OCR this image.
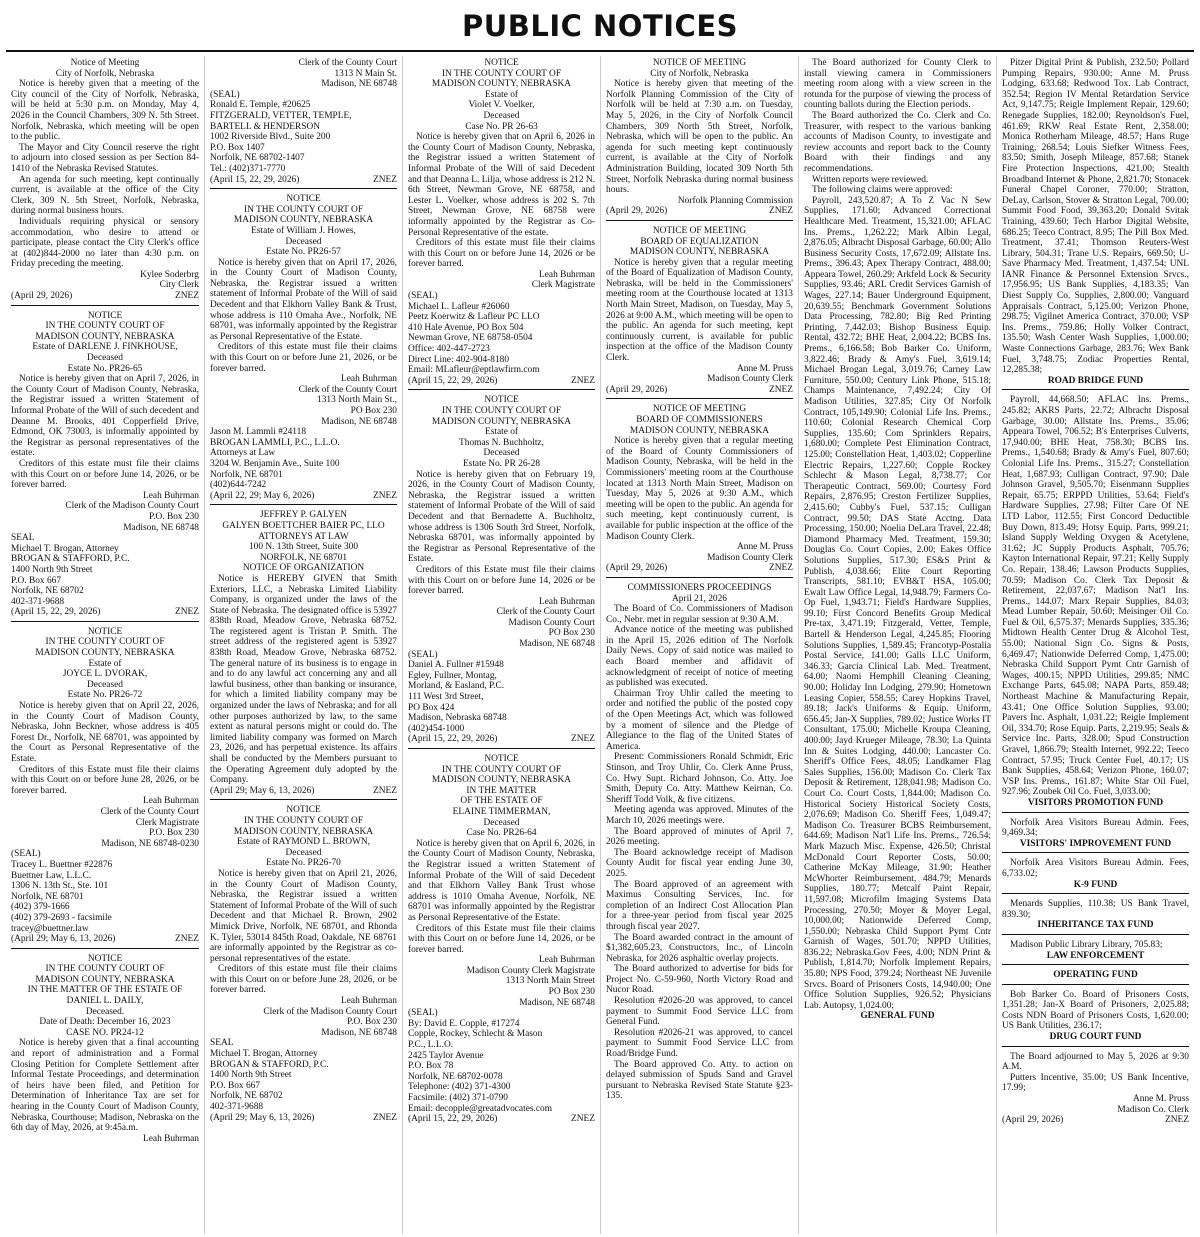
PUBLIC NOTICES

Notice of Meeting

City of Norfolk, Nebraska

Notice is hereby given that a meeting of the City council of the City of Norfolk, Nebraska, will be held at 5:30 p.m. on Monday, May 4, 2026 in the Council Chambers, 309 N. 5th Street. Norfolk, Nebraska, which meeting will be open to the public.

The Mayor and City Council reserve the right to adjourn into closed session as per Section 84-1410 of the Nebraska Revised Statutes.

An agenda for such meeting, kept continually current, is available at the office of the City Clerk, 309 N. 5th Street, Norfolk, Nebraska, during normal business hours.

Individuals requiring physical or sensory accommodation, who desire to attend or participate, please contact the City Clerk's office at (402)844-2000 no later than 4:30 p.m. on Friday preceding the meeting.

Kylee Soderbrg

City Clerk

(April 29, 2026)	ZNEZ

NOTICE

IN THE COUNTY COURT OF

MADISON COUNTY, NEBRASKA

Estate of DARLENE J. FINKHOUSE,

Deceased

Estate No. PR26-65

Notice is hereby given that on April 7, 2026, in the County Court of Madison County, Nebraska, the Registrar issued a written Statement of Informal Probate of the Will of such decedent and Deanne M. Brooks, 401 Copperfield Drive, Edmond, OK 73003, is informally appointed by the Registrar as personal representatives of the estate.

Creditors of this estate must file their claims with this Court on or before June 14, 2026, or be forever barred.

Leah Buhrman

Clerk of the Madison County Court

P.O. Box 230

Madison, NE 68748

SEAL

Michael T. Brogan, Attorney

BROGAN & STAFFORD, P.C.

1400 North 9th Street

P.O. Box 667

Norfolk, NE 68702

402-371-9688

(April 15, 22, 29, 2026)	ZNEZ

NOTICE

IN THE COUNTY COURT OF

MADISON COUNTY, NEBRASKA

Estate of

JOYCE L. DVORAK,

Deceased

Estate No. PR26-72

Notice is hereby given that on April 22, 2026, in the County Court of Madison County, Nebraska, John Beckner, whose address is 405 Forest Dr., Norfolk, NE 68701, was appointed by the Court as Personal Representative of the Estate.

Creditors of this Estate must file their claims with this Court on or before June 28, 2026, or be forever barred.

Leah Buhrman

Clerk of the County Court

Clerk Magistrate

P.O. Box 230

Madison, NE 68748-0230

(SEAL)

Tracey L. Buettner #22876

Buettner Law, L.L.C.

1306 N. 13th St., Ste. 101

Norfolk, NE 68701

(402) 379-1666

(402) 379-2693 - facsimile

tracey@buettner.law

(April 29; May 6, 13, 2026)	ZNEZ

NOTICE

IN THE COUNTY COURT OF

MADISON COUNTY, NEBRASKA

IN THE MATTER OF THE ESTATE OF

DANIEL L. DAILY,

Deceased.

Date of Death: December 16, 2023

CASE NO. PR24-12

Notice is hereby given that a final accounting and report of administration and a Formal Closing Petition for Complete Settlement after Informal Testate Proceedings, and determination of heirs have been filed, and Petition for Determination of Inheritance Tax are set for hearing in the County Court of Madison County, Nebraska, Courthouse; Madison, Nebraska on the 6th day of May, 2026, at 9:45a.m.

Leah Buhrman

Clerk of the County Court

1313 N Main St.

Madison, NE 68748

(SEAL)

Ronald E. Temple, #20625

FITZGERALD, VETTER, TEMPLE,

BARTELL & HENDERSON

1002 Riverside Blvd., Suite 200

P.O. Box 1407

Norfolk, NE 68702-1407

Tel.: (402)371-7770

(April 15, 22, 29, 2026)	ZNEZ

NOTICE

IN THE COUNTY COURT OF

MADISON COUNTY, NEBRASKA

Estate of William J. Howes,

Deceased

Estate No. PR26-57

Notice is hereby given that on April 17, 2026, in the County Court of Madison County, Nebraska, the Registrar issued a written statement of Informal Probate of the Will of said Decedent and that Elkhorn Valley Bank & Trust, whose address is 110 Omaha Ave., Norfolk, NE 68701, was informally appointed by the Registrar as Personal Representative of the Estate.

Creditors of this estate must file their claims with this Court on or before June 21, 2026, or be forever barred.

Leah Buhrman

Clerk of the County Court

1313 North Main St.,

PO Box 230

Madison, NE 68748

Jason M. Lammli #24118

BROGAN LAMMLI, P.C., L.L.O.

Attorneys at Law

3204 W. Benjamin Ave., Suite 100

Norfolk, NE 68701

(402)644-7242

(April 22, 29; May 6, 2026)	ZNEZ

JEFFREY P. GALYEN

GALYEN BOETTCHER BAIER PC, LLO

ATTORNEYS AT LAW

100 N. 13th Street, Suite 300

NORFOLK, NE 68701

NOTICE OF ORGANIZATION

Notice is HEREBY GIVEN that Smith Exteriors, LLC, a Nebraska Limited Liability Company, is organized under the laws of the State of Nebraska. The designated office is 53927 838th Road, Meadow Grove, Nebraska 68752. The registered agent is Tristan P. Smith. The street address of the registered agent is 53927 838th Road, Meadow Grove, Nebraska 68752. The general nature of its business is to engage in and to do any lawful act concerning any and all lawful business, other than banking or insurance, for which a limited liability company may be organized under the laws of Nebraska; and for all other purposes authorized by law, to the same extent as natural persons might or could do. The limited liability company was formed on March 23, 2026, and has perpetual existence. Its affairs shall be conducted by the Members pursuant to the Operating Agreement duly adopted by the Company.

(April 29; May 6, 13, 2026)	ZNEZ

NOTICE

IN THE COUNTY COURT OF

MADISON COUNTY, NEBRASKA

Estate of RAYMOND L. BROWN,

Deceased

Estate No. PR26-70

Notice is hereby given that on April 21, 2026, in the County Court of Madison County, Nebraska, the Registrar issued a written Statement of Informal Probate of the Will of such Decedent and that Michael R. Brown, 2902 Mimick Drive, Norfolk, NE 68701, and Rhonda K. Tyler, 53014 845th Road, Oakdale, NE 68761 are informally appointed by the Registrar as co-personal representatives of the estate.

Creditors of this estate must file their claims with this Court on or before June 28, 2026, or be forever barred.

Leah Buhrman

Clerk of the Madison County Court

P.O. Box 230

Madison, NE 68748

SEAL

Michael T. Brogan, Attorney

BROGAN & STAFFORD, P.C.

1400 North 9th Street

P.O. Box 667

Norfolk, NE 68702

402-371-9688

(April 29; May 6, 13, 2026)	ZNEZ

NOTICE

IN THE COUNTY COURT OF

MADISON COUNTY, NEBRASKA

Estate of

Violet V. Voelker,

Deceased

Case No. PR 26-63

Notice is hereby given that on April 6, 2026 in the County Court of Madison County, Nebraska, the Registrar issued a written Statement of Informal Probate of the Will of said Decedent and that Deanna L. Lilja, whose address is 212 N. 6th Street, Newman Grove, NE 68758, and Lester L. Voelker, whose address is 202 S. 7th Street, Newman Grove, NE 68758 were informally appointed by the Registrar as Co-Personal Representative of the estate.

Creditors of this estate must file their claims with this Court on or before June 14, 2026 or be forever barred.

Leah Buhrman

Clerk Magistrate

(SEAL)

Michael L. Lafleur #26060

Peetz Koerwitz & Lafleur PC LLO

410 Hale Avenue, PO Box 504

Newman Grove, NE 68758-0504

Office: 402-447-2723

Direct Line: 402-904-8180

Email: MLafleur@eptlawfirm.com

(April 15, 22, 29, 2026)	ZNEZ

NOTICE

IN THE COUNTY COURT OF

MADISON COUNTY, NEBRASKA

Estate of

Thomas N. Buchholtz,

Deceased

Estate No. PR 26-28

Notice is hereby given that on February 19, 2026, in the County Court of Madison County, Nebraska, the Registrar issued a written statement of Informal Probate of the Will of said Decedent and that Bernadette A. Buchholtz, whose address is 1306 South 3rd Street, Norfolk, Nebraska 68701, was informally appointed by the Registrar as Personal Representative of the Estate.

Creditors of this Estate must file their claims with this Court on or before June 14, 2026 or be forever barred.

Leah Buhrman

Clerk of the County Court

Madison County Court

PO Box 230

Madison, NE 68748

(SEAL)

Daniel A. Fullner #15948

Egley, Fullner, Montag,

Morland, & Easland, P.C.

111 West 3rd Street,

PO Box 424

Madison, Nebraska 68748

(402)454-1000

(April 15, 22, 29, 2026)	ZNEZ

NOTICE

IN THE COUNTY COURT OF

MADISON COUNTY, NEBRASKA

IN THE MATTER

OF THE ESTATE OF

ELAINE TIMMERMAN,

Deceased

Case No. PR26-64

Notice is hereby given that on April 6, 2026, in the County Court of Madison County, Nebraska, the Registrar issued a written Statement of Informal Probate of the Will of said Decedent and that Elkhorn Valley Bank Trust whose address is 1010 Omaha Avenue, Norfolk, NE 68701 was informally appointed by the Registrar as Personal Representative of the Estate.

Creditors of this Estate must file their claims with this Court on or before June 14, 2026, or be forever barred.

Leah Buhrman

Madison County Clerk Magistrate

1313 North Main Street

PO Box 230

Madison, NE 68748

(SEAL)

By: David E. Copple, #17274

Copple, Rockey, Schlecht & Mason

P.C., L.L.O.

2425 Taylor Avenue

P.O. Box 78

Norfolk, NE 68702-0078

Telephone: (402) 371-4300

Facsimile: (402) 371-0790

Email: decopple@greatadvocates.com

(April 15, 22, 29, 2026)	ZNEZ

NOTICE OF MEETING

City of Norfolk, Nebraska

Notice is hereby given that meeting of the Norfolk Planning Commission of the City of Norfolk will be held at 7:30 a.m. on Tuesday, May 5, 2026, in the City of Norfolk Council Chambers, 309 North 5th Street, Norfolk, Nebraska, which will be open to the public. An agenda for such meeting kept continuously current, is available at the City of Norfolk Administration Building, located 309 North 5th Street, Norfolk Nebraska during normal business hours.

Norfolk Planning Commission

(April 29, 2026)	ZNEZ

NOTICE OF MEETING

BOARD OF EQUALIZATION

MADISON COUNTY, NEBRASKA

Notice is hereby given that a regular meeting of the Board of Equalization of Madison County, Nebraska, will be held in the Commissioners' meeting room at the Courthouse located at 1313 North Main Street, Madison, on Tuesday, May 5, 2026 at 9:00 A.M., which meeting will be open to the public. An agenda for such meeting, kept continuously current, is available for public inspection at the office of the Madison County Clerk.

Anne M. Pruss

Madison County Clerk

(April 29, 2026)	ZNEZ

NOTICE OF MEETING

BOARD OF COMMISSIONERS

MADISON COUNTY, NEBRASKA

Notice is hereby given that a regular meeting of the Board of County Commissioners of Madison County, Nebraska, will be held in the Commissioners' meeting room at the Courthouse located at 1313 North Main Street, Madison on Tuesday, May 5, 2026 at 9:30 A.M., which meeting will be open to the public. An agenda for such meeting, kept continuously current, is available for public inspection at the office of the Madison County Clerk.

Anne M. Pruss

Madison County Clerk

(April 29, 2026)	ZNEZ

COMMISSIONERS PROCEEDINGS

April 21, 2026

The Board of Co. Commissioners of Madison Co., Nebr. met in regular session at 9:30 A.M.

Advance notice of the meeting was published in the April 15, 2026 edition of The Norfolk Daily News. Copy of said notice was mailed to each Board member and affidavit of acknowledgment of receipt of notice of meeting as published was executed.

Chairman Troy Uhlir called the meeting to order and notified the public of the posted copy of the Open Meetings Act, which was followed by a moment of silence and the Pledge of Allegiance to the flag of the United States of America.

Present: Commissioners Ronald Schmidt, Eric Stinson, and Troy Uhlir, Co. Clerk Anne Pruss, Co. Hwy Supt. Richard Johnson, Co. Atty. Joe Smith, Deputy Co. Atty. Matthew Keirnan, Co. Sheriff Todd Volk, & five citizens.

Meeting agenda was approved. Minutes of the March 10, 2026 meetings were.

The Board approved of minutes of April 7, 2026 meeting.

The Board acknowledge receipt of Madison County Audit for fiscal year ending June 30, 2025.

The Board approved of an agreement with Maximus Consulting Services, Inc. for completion of an Indirect Cost Allocation Plan for a three-year period from fiscal year 2025 through fiscal year 2027.

The Board awarded contract in the amount of $1,382,605.23, Constructors, Inc., of Lincoln Nebraska, for 2026 asphaltic overlay projects.

The Board authorized to advertise for bids for Project No. C-59-960, North Victory Road and Nucor Road.

Resolution #2026-20 was approved, to cancel payment to Summit Food Service LLC from General Fund.

Resolution #2026-21 was approved, to cancel payment to Summit Food Service LLC from Road/Bridge Fund.

The Board approved Co. Atty. to action on delayed submission of Spuds Sand and Gravel pursuant to Nebraska Revised State Statute §23-135.

The Board authorized for County Clerk to install viewing camera in Commissioners meeting room along with a view screen in the rotunda for the purpose of viewing the process of counting ballots during the Election periods.

The Board authorized the Co. Clerk and Co. Treasurer, with respect to the various banking accounts of Madison County, to investigate and review accounts and report back to the County Board with their findings and any recommendations.

Written reports were reviewed.

The following claims were approved:

Payroll, 243,520.87; A To Z Vac N Sew Supplies, 171.60; Advanced Correctional Healthcare Med. Treatment, 15,321.00; AFLAC Ins. Prems., 1,262.22; Mark Albin Legal, 2,876.05; Albracht Disposal Garbage, 60.00; Allo Business Security Costs, 17,672.09; Allstate Ins. Prems., 396.43; Apex Therapy Contract, 488.00; Appeara Towel, 260.29; Arkfeld Lock & Security Supplies, 93.46; ARL Credit Services Garnish of Wages, 227.14; Bauer Underground Equipment, 20,639.55; Benchmark Government Solutions Data Processing, 782.80; Big Red Printing Printing, 7,442.03; Bishop Business Equip. Rental, 432.72; BHE Heat, 2,004.22; BCBS Ins. Prems., 6,166.58; Bob Barker Co. Uniform, 3,822.46; Brady & Amy's Fuel, 3,619.14; Michael Brogan Legal, 3,019.76; Carney Law Furniture, 550.00; Century Link Phone, 515.18; Champs Maintenance, 7,492.24; City Of Madison Utilities, 327.85; City Of Norfolk Contract, 105,149.90; Colonial Life Ins. Prems., 110.60; Colonial Research Chemical Corp Supplies, 135.60; Com Sprinklers Repairs, 1,680.00; Complete Pest Elimination Contract, 125.00; Constellation Heat, 1,403.02; Copperline Electric Repairs, 1,227.60; Copple Rockey Schlecht & Mason Legal, 8,738.77; Cor Therapeutic Contract, 569.00; Courtesy Ford Repairs, 2,876.95; Creston Fertilizer Supplies, 2,415.60; Cubby's Fuel, 537.15; Culligan Contract, 99.50; DAS State Acctng. Data Processing, 150.00; Noelia DeLara Travel, 22.48; Diamond Pharmacy Med. Treatment, 159.30; Douglas Co. Court Copies, 2.00; Eakes Office Solutions Supplies, 517.30; ES&S Print & Publish, 4,038.66; Elite Court Reporting Transcripts, 581.10; EVB&T HSA, 105.00; Ewalt Law Office Legal, 14,948.79; Farmers Co-Op Fuel, 1,943.71; Field's Hardware Supplies, 99.10; First Concord Benefits Group Medical Pre-tax, 3,471.19; Fitzgerald, Vetter, Temple, Bartell & Henderson Legal, 4,245.85; Flooring Solutions Supplies, 1,589.45; Francotyp-Postalia Postal Service, 141.00; Galls LLC Uniform, 346.33; Garcia Clinical Lab. Med. Treatment, 64.00; Naomi Hemphill Cleaning Cleaning, 90.00; Holiday Inn Lodging, 279.90; Hometown Leasing Copier, 558.55; Carey Hopkins Travel, 89.18; Jack's Uniforms & Equip. Uniform, 656.45; Jan-X Supplies, 789.02; Justice Works IT Consultant, 175.00; Michelle Kroupa Cleaning, 400.00; Jayd Krueger Mileage, 78.30; La Quinta Inn & Suites Lodging, 440.00; Lancaster Co. Sheriff's Office Fees, 48.05; Landkamer Flag Sales Supplies, 156.00; Madison Co. Clerk Tax Deposit & Retirement, 128,041.98; Madison Co. Court Co. Court Costs, 1,844.00; Madison Co. Historical Society Historical Society Costs, 2,076.69; Madison Co. Sheriff Fees, 1,049.47; Madison Co. Treasurer BCBS Reimbursement, 644.69; Madison Nat'l Life Ins. Prems., 726.54; Mark Mazuch Misc. Expense, 426.50; Christal McDonald Court Reporter Costs, 50.00; Catherine McKay Mileage, 31.90; Heather McWhorter Reimbursement, 484.79; Menards Supplies, 180.77; Metcalf Paint Repair, 11,597.08; Microfilm Imaging Systems Data Processing, 270.50; Moyer & Moyer Legal, 10,000.00; Nationwide Deferred Comp, 1,550.00; Nebraska Child Support Pymt Cntr Garnish of Wages, 501.70; NPPD Utilities, 836.22; Nebraska.Gov Fees, 4.00; NDN Print & Publish, 1,814.70; Norfolk Implement Repairs, 35.80; NPS Food, 379.24; Northeast NE Juvenile Srvcs. Board of Prisoners Costs, 14,940.00; One Office Solution Supplies, 926.52; Physicians Lab. Autopsy, 1,024.00;

GENERAL FUND

Pitzer Digital Print & Publish, 232.50; Pollard Pumping Repairs, 930.00; Anne M. Pruss Lodging, 633.68; Redwood Tox. Lab Contract, 352.54; Region IV Mental Retardation Service Act, 9,147.75; Reigle Implement Repair, 129.60; Renegade Supplies, 182.00; Reynoldson's Fuel, 461.69; RKW Real Estate Rent, 2,358.00; Monica Rotherham Mileage, 48.57; Hans Ruge Training, 268.54; Louis Siefker Witness Fees, 83.50; Smith, Joseph Mileage, 857.68; Stanek Fire Protection Inspections, 421.00; Stealth Broadband Internet & Phone, 2,821.70; Stonacek Funeral Chapel Coroner, 770.00; Stratton, DeLay, Carlson, Stover & Stratton Legal, 700.00; Summit Food Food, 39,363.20; Donald Svitak Training, 439.60; Tech Harbor Digital Website, 686.25; Teeco Contract, 8.95; The Pill Box Med. Treatment, 37.41; Thomson Reuters-West Library, 504.31; Trane U.S. Repairs, 669.50; U-Save Pharmacy Med. Treatment, 1,437.54; UNL IANR Finance & Personnel Extension Srvcs., 17,956.95; US Bank Supplies, 4,183.35; Van Diest Supply Co. Supplies, 2,800.00; Vanguard Appraisals Contract, 5,125.00; Verizon Phone, 298.75; Vigilnet America Contract, 370.00; VSP Ins. Prems., 759.86; Holly Volker Contract, 135.50; Wash Center Wash Supplies, 1,000.00; Waste Connections Garbage, 283.76; Wex Bank Fuel, 3,748.75; Zodiac Properties Rental, 12,285.38;

ROAD BRIDGE FUND

Payroll, 44,668.50; AFLAC Ins. Prems., 245.82; AKRS Parts, 22.72; Albracht Disposal Garbage, 30.00; Allstate Ins. Prems., 35.06; Appeara Towel, 706.52; B's Enterprises Culverts, 17,940.00; BHE Heat, 758.30; BCBS Ins. Prems., 1,540.68; Brady & Amy's Fuel, 807.60; Colonial Life Ins. Prems., 315.27; Constellation Heat, 1,687.93; Culligan Contract, 97.90; Dale Johnson Gravel, 9,505.70; Eisenmann Supplies Repair, 65.75; ERPPD Utilities, 53.64; Field's Hardware Supplies, 27.98; Filter Care Of NE LTD Labor, 112.55; First Concord Deductible Buy Down, 813.49; Hotsy Equip. Parts, 999.21; Island Supply Welding Oxygen & Acetylene, 31.62; JC Supply Products Asphalt, 705.76; Kayton International Repair, 97.21; Kelly Supply Co. Repair, 138.46; Lawson Products Supplies, 70.59; Madison Co. Clerk Tax Deposit & Retirement, 22,037.67; Madison Nat'l Ins. Prems., 144.07; Marx Repair Supplies, 84.03; Mead Lumber Repair, 50.60; Meisinger Oil Co. Fuel & Oil, 6,575.37; Menards Supplies, 335.36; Midtown Health Center Drug & Alcohol Test, 55.00; National Sign Co. Signs & Posts, 6,469.47; Nationwide Deferred Comp, 1,475.00; Nebraska Child Support Pymt Cntr Garnish of Wages, 400.15; NPPD Utilities, 299.85; NMC Exchange Parts, 645.08; NAPA Parts, 859.48; Northeast Machine & Manufacturing Repair, 43.41; One Office Solution Supplies, 93.00; Pavers Inc. Asphalt, 1,031.22; Reigle Implement Oil, 334.70; Rose Equip. Parts, 2,219.95; Seals & Service Inc. Parts, 328.00; Spud Construction Gravel, 1,866.79; Stealth Internet, 992.22; Teeco Contract, 57.95; Truck Center Fuel, 40.17; US Bank Supplies, 458.64; Verizon Phone, 160.07; VSP Ins. Prems., 161.87; White Star Oil Fuel, 927.96; Zoubek Oil Co. Fuel, 3,033.00;

VISITORS PROMOTION FUND

Norfolk Area Visitors Bureau Admin. Fees, 9,469.34;

VISITORS' IMPROVEMENT FUND

Norfolk Area Visitors Bureau Admin. Fees, 6,733.02;

K-9 FUND

Menards Supplies, 110.38; US Bank Travel, 839.30;

INHERITANCE TAX FUND

Madison Public Library Library, 705.83;

LAW ENFORCEMENT

OPERATING FUND

Bob Barker Co. Board of Prisoners Costs, 1,351.28; Jan-X Board of Prisoners, 2,025.88; Costs NDN Board of Prisoners Costs, 1,620.00; US Bank Utilities, 236.17;

DRUG COURT FUND

The Board adjourned to May 5, 2026 at 9:30 A.M.

Putters Incentive, 35.00; US Bank Incentive, 17.99;

Anne M. Pruss

Madison Co. Clerk

(April 29, 2026)	ZNEZ
